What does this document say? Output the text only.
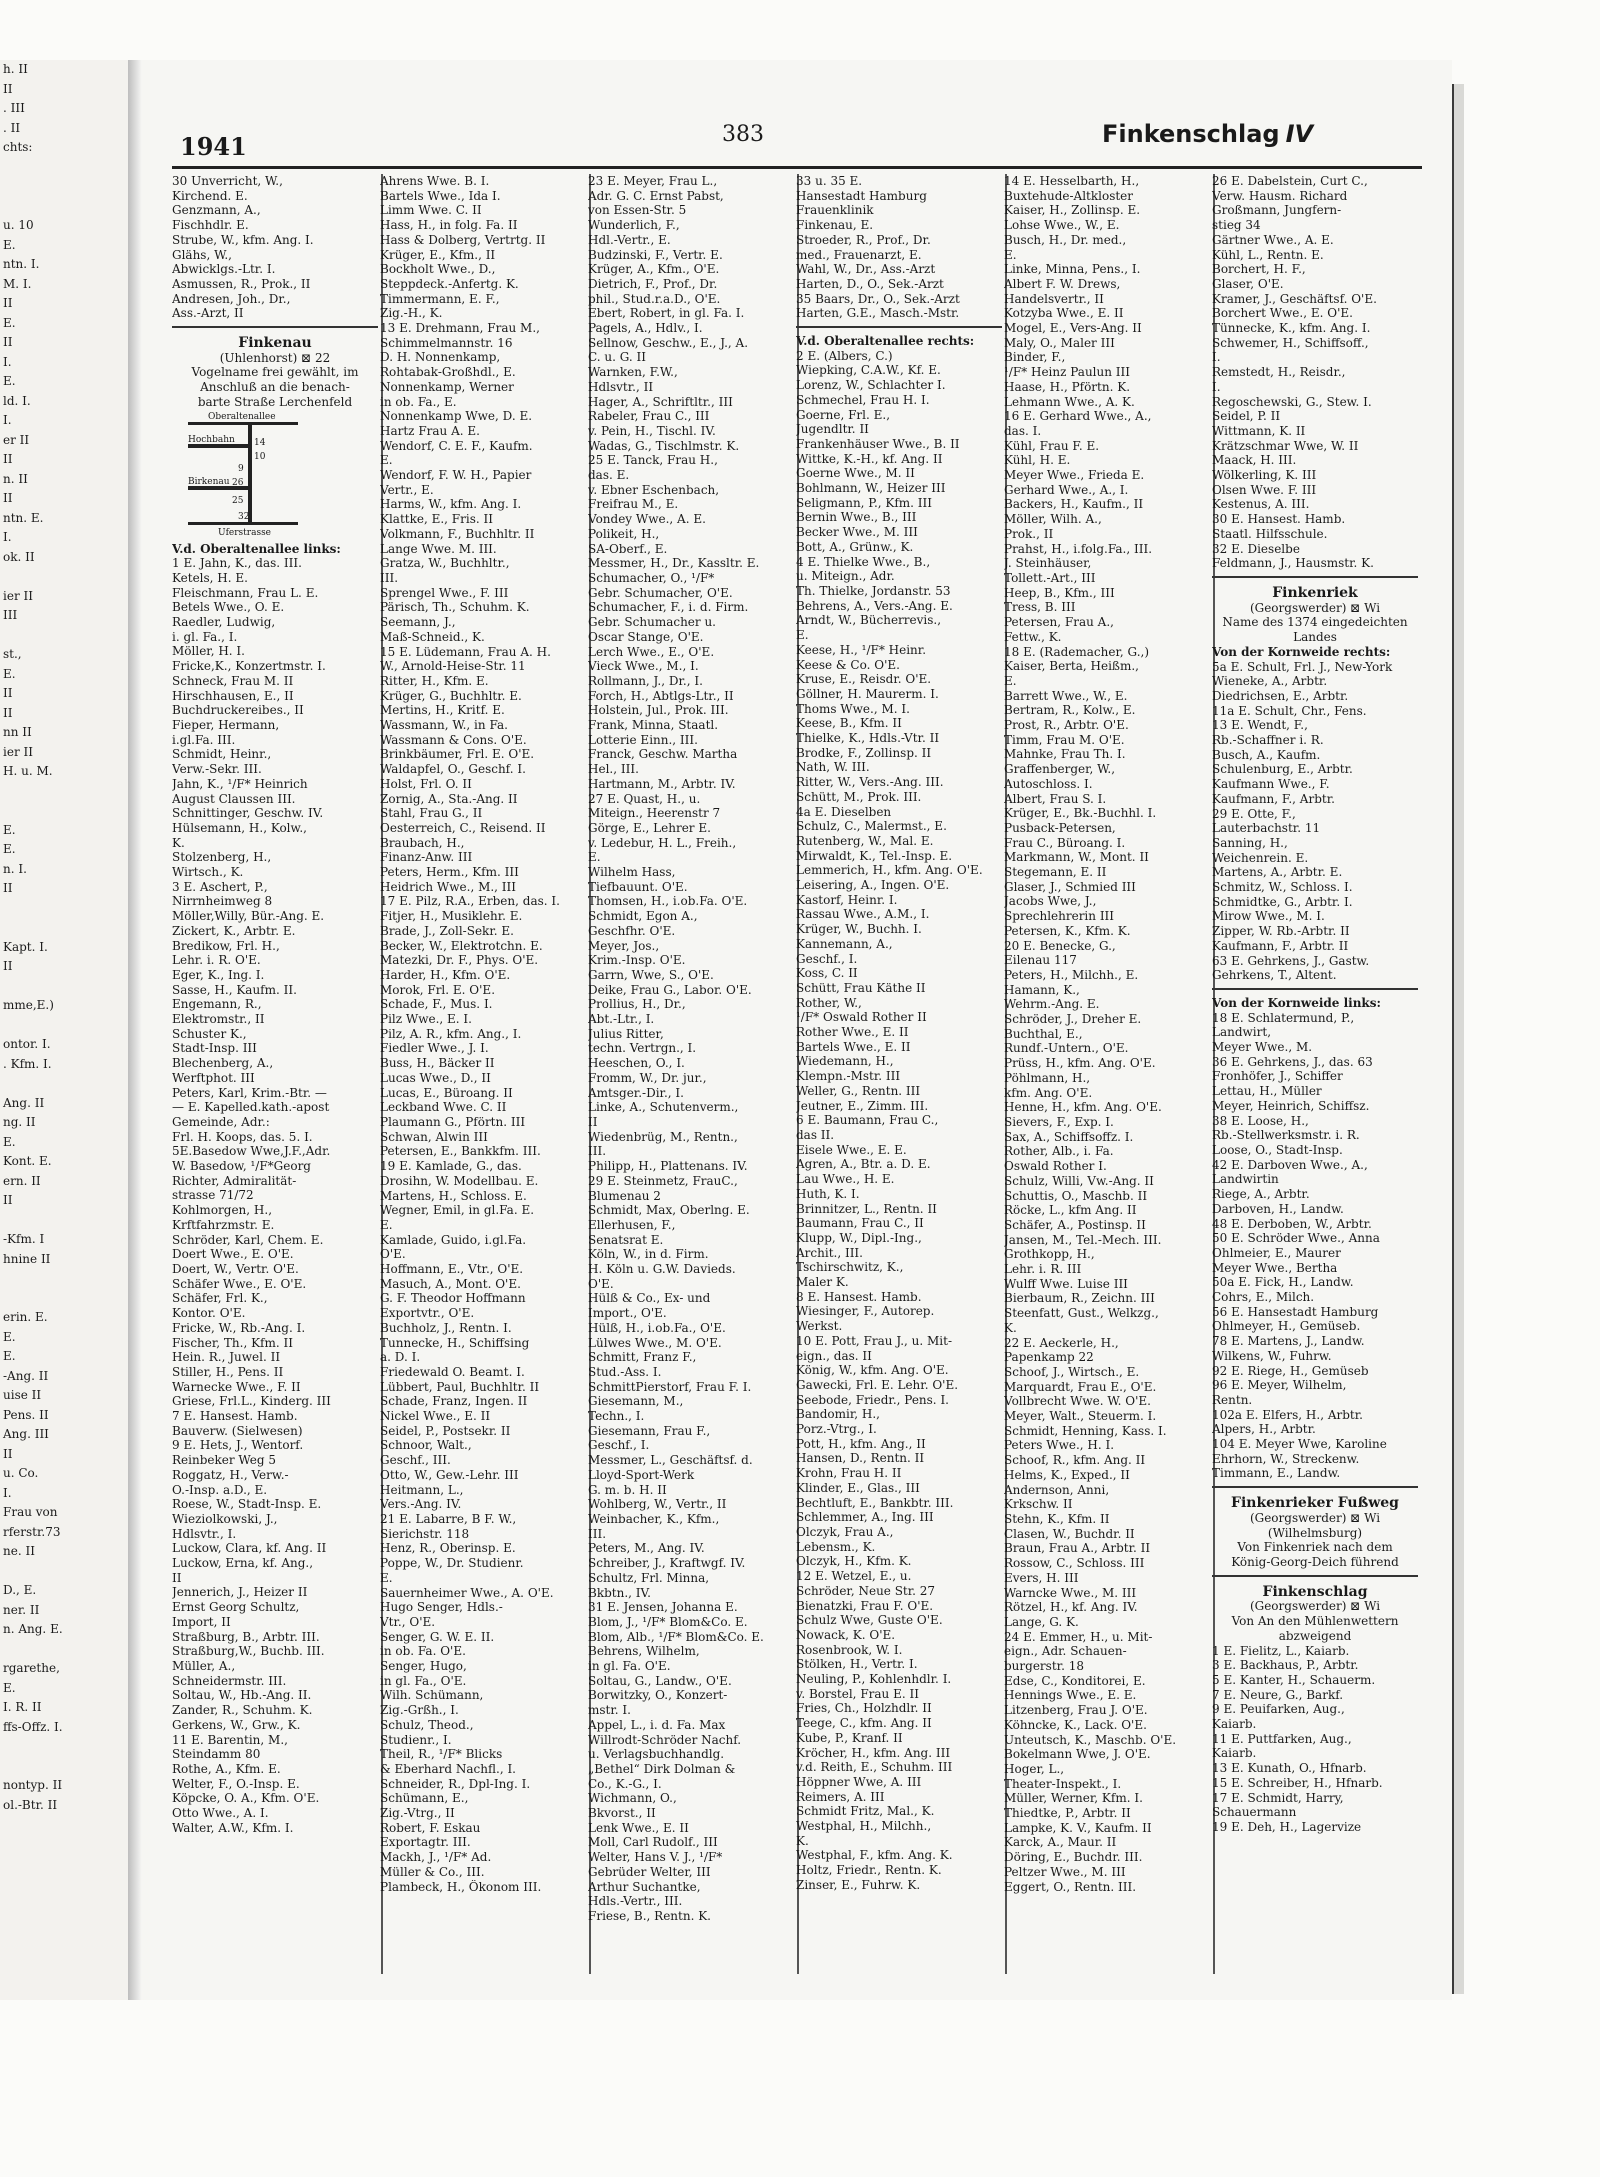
h. II
II
. III
. II
chts:

u. 10
E.
ntn. I.
M. I.
II
E.
II
I.
E.
ld. I.
I.
er II
II
n. II
II
ntn. E.
I.
ok. II

ier II
III

st.,
E.
II
II
nn II
ier II
H. u. M.

E.
E.
n. I.
II

Kapt. I.
II

mme,E.)

ontor. I.
. Kfm. I.

Ang. II
ng. II
E.
Kont. E.
ern. II
II

-Kfm. I
hnine II

erin. E.
E.
E.
-Ang. II
uise II
Pens. II
Ang. III
II
u. Co.
I.
Frau von
rferstr.73
ne. II

D., E.
ner. II
n. Ang. E.

rgarethe,
E.
I. R. II
ffs-Offz. I.

nontyp. II
ol.-Btr. II
1941	383	Finkenschlag IV
30 Unverricht, W.,
Kirchend. E.
Genzmann, A.,
Fischhdlr. E.
Strube, W., kfm. Ang. I.
Glähs, W.,
Abwicklgs.-Ltr. I.
Asmussen, R., Prok., II
Andresen, Joh., Dr.,
Ass.-Arzt, II
Finkenau
(Uhlenhorst) ⊠ 22
Vogelname frei gewählt, im
Anschluß an die benach-
barte Straße Lerchenfeld
Oberaltenallee
Hochbahn
Birkenau
Uferstrasse
14
10
9
26
25
32
V.d. Oberaltenallee links:
1 E. Jahn, K., das. III.
Ketels, H. E.
Fleischmann, Frau L. E.
Betels Wwe., O. E.
Raedler, Ludwig,
i. gl. Fa., I.
Möller, H. I.
Fricke,K., Konzertmstr. I.
Schneck, Frau M. II
Hirschhausen, E., II
Buchdruckereibes., II
Fieper, Hermann,
i.gl.Fa. III.
Schmidt, Heinr.,
Verw.-Sekr. III.
Jahn, K., ¹/F* Heinrich
August Claussen III.
Schnittinger, Geschw. IV.
Hülsemann, H., Kolw.,
K.
Stolzenberg, H.,
Wirtsch., K.
3 E. Aschert, P.,
Nirrnheimweg 8
Möller,Willy, Bür.-Ang. E.
Zickert, K., Arbtr. E.
Bredikow, Frl. H.,
Lehr. i. R. O'E.
Eger, K., Ing. I.
Sasse, H., Kaufm. II.
Engemann, R.,
Elektromstr., II
Schuster K.,
Stadt-Insp. III
Blechenberg, A.,
Werftphot. III
Peters, Karl, Krim.-Btr. —
— E. Kapelled.kath.-apost
Gemeinde, Adr.:
Frl. H. Koops, das. 5. I.
5E.Basedow Wwe,J.F.,Adr.
W. Basedow, ¹/F*Georg
Richter, Admiralität-
strasse 71/72
Kohlmorgen, H.,
Krftfahrzmstr. E.
Schröder, Karl, Chem. E.
Doert Wwe., E. O'E.
Doert, W., Vertr. O'E.
Schäfer Wwe., E. O'E.
Schäfer, Frl. K.,
Kontor. O'E.
Fricke, W., Rb.-Ang. I.
Fischer, Th., Kfm. II
Hein. R., Juwel. II
Stiller, H., Pens. II
Warnecke Wwe., F. II
Griese, Frl.L., Kinderg. III
7 E. Hansest. Hamb.
Bauverw. (Sielwesen)
9 E. Hets, J., Wentorf.
Reinbeker Weg 5
Roggatz, H., Verw.-
O.-Insp. a.D., E.
Roese, W., Stadt-Insp. E.
Wieziolkowski, J.,
Hdlsvtr., I.
Luckow, Clara, kf. Ang. II
Luckow, Erna, kf. Ang.,
II
Jennerich, J., Heizer II
Ernst Georg Schultz,
Import, II
Straßburg, B., Arbtr. III.
Straßburg,W., Buchb. III.
Müller, A.,
Schneidermstr. III.
Soltau, W., Hb.-Ang. II.
Zander, R., Schuhm. K.
Gerkens, W., Grw., K.
11 E. Barentin, M.,
Steindamm 80
Rothe, A., Kfm. E.
Welter, F., O.-Insp. E.
Köpcke, O. A., Kfm. O'E.
Otto Wwe., A. I.
Walter, A.W., Kfm. I.
Ahrens Wwe. B. I.
Bartels Wwe., Ida I.
Limm Wwe. C. II
Hass, H., in folg. Fa. II
Hass & Dolberg, Vertrtg. II
Krüger, E., Kfm., II
Bockholt Wwe., D.,
Steppdeck.-Anfertg. K.
Timmermann, E. F.,
Zig.-H., K.
13 E. Drehmann, Frau M.,
Schimmelmannstr. 16
D. H. Nonnenkamp,
Rohtabak-Großhdl., E.
Nonnenkamp, Werner
in ob. Fa., E.
Nonnenkamp Wwe, D. E.
Hartz Frau A. E.
Wendorf, C. E. F., Kaufm.
E.
Wendorf, F. W. H., Papier
Vertr., E.
Harms, W., kfm. Ang. I.
Klattke, E., Fris. II
Volkmann, F., Buchhltr. II
Lange Wwe. M. III.
Gratza, W., Buchhltr.,
III.
Sprengel Wwe., F. III
Pärisch, Th., Schuhm. K.
Seemann, J.,
Maß-Schneid., K.
15 E. Lüdemann, Frau A. H.
W., Arnold-Heise-Str. 11
Ritter, H., Kfm. E.
Krüger, G., Buchhltr. E.
Mertins, H., Kritf. E.
Wassmann, W., in Fa.
Wassmann & Cons. O'E.
Brinkbäumer, Frl. E. O'E.
Waldapfel, O., Geschf. I.
Holst, Frl. O. II
Zornig, A., Sta.-Ang. II
Stahl, Frau G., II
Oesterreich, C., Reisend. II
Braubach, H.,
Finanz-Anw. III
Peters, Herm., Kfm. III
Heidrich Wwe., M., III
17 E. Pilz, R.A., Erben, das. I.
Fitjer, H., Musiklehr. E.
Brade, J., Zoll-Sekr. E.
Becker, W., Elektrotchn. E.
Matezki, Dr. F., Phys. O'E.
Harder, H., Kfm. O'E.
Morok, Frl. E. O'E.
Schade, F., Mus. I.
Pilz Wwe., E. I.
Pilz, A. R., kfm. Ang., I.
Fiedler Wwe., J. I.
Buss, H., Bäcker II
Lucas Wwe., D., II
Lucas, E., Büroang. II
Leckband Wwe. C. II
Plaumann G., Pförtn. III
Schwan, Alwin III
Petersen, E., Bankkfm. III.
19 E. Kamlade, G., das.
Drosihn, W. Modellbau. E.
Martens, H., Schloss. E.
Wegner, Emil, in gl.Fa. E.
E.
Kamlade, Guido, i.gl.Fa.
O'E.
Hoffmann, E., Vtr., O'E.
Masuch, A., Mont. O'E.
G. F. Theodor Hoffmann
Exportvtr., O'E.
Buchholz, J., Rentn. I.
Tunnecke, H., Schiffsing
a. D. I.
Friedewald O. Beamt. I.
Lübbert, Paul, Buchhltr. II
Schade, Franz, Ingen. II
Nickel Wwe., E. II
Seidel, P., Postsekr. II
Schnoor, Walt.,
Geschf., III.
Otto, W., Gew.-Lehr. III
Heitmann, L.,
Vers.-Ang. IV.
21 E. Labarre, B F. W.,
Sierichstr. 118
Henz, R., Oberinsp. E.
Poppe, W., Dr. Studienr.
E.
Sauernheimer Wwe., A. O'E.
Hugo Senger, Hdls.-
Vtr., O'E.
Senger, G. W. E. II.
in ob. Fa. O'E.
Senger, Hugo,
in gl. Fa., O'E.
Wilh. Schümann,
Zig.-Grßh., I.
Schulz, Theod.,
Studienr., I.
Theil, R., ¹/F* Blicks
& Eberhard Nachfl., I.
Schneider, R., Dpl-Ing. I.
Schümann, E.,
Zig.-Vtrg., II
Robert, F. Eskau
Exportagtr. III.
Mackh, J., ¹/F* Ad.
Müller & Co., III.
Plambeck, H., Ökonom III.
23 E. Meyer, Frau L.,
Adr. G. C. Ernst Pabst,
von Essen-Str. 5
Wunderlich, F.,
Hdl.-Vertr., E.
Budzinski, F., Vertr. E.
Krüger, A., Kfm., O'E.
Dietrich, F., Prof., Dr.
phil., Stud.r.a.D., O'E.
Ebert, Robert, in gl. Fa. I.
Pagels, A., Hdlv., I.
Sellnow, Geschw., E., J., A.
C. u. G. II
Warnken, F.W.,
Hdlsvtr., II
Hager, A., Schriftltr., III
Rabeler, Frau C., III
v. Pein, H., Tischl. IV.
Wadas, G., Tischlmstr. K.
25 E. Tanck, Frau H.,
das. E.
v. Ebner Eschenbach,
Freifrau M., E.
Vondey Wwe., A. E.
Polikeit, H.,
SA-Oberf., E.
Messmer, H., Dr., Kassltr. E.
Schumacher, O., ¹/F*
Gebr. Schumacher, O'E.
Schumacher, F., i. d. Firm.
Gebr. Schumacher u.
Oscar Stange, O'E.
Lerch Wwe., E., O'E.
Vieck Wwe., M., I.
Rollmann, J., Dr., I.
Forch, H., Abtlgs-Ltr., II
Holstein, Jul., Prok. III.
Frank, Minna, Staatl.
Lotterie Einn., III.
Franck, Geschw. Martha
Hel., III.
Hartmann, M., Arbtr. IV.
27 E. Quast, H., u.
Miteign., Heerenstr 7
Görge, E., Lehrer E.
v. Ledebur, H. L., Freih.,
E.
Wilhelm Hass,
Tiefbauunt. O'E.
Thomsen, H., i.ob.Fa. O'E.
Schmidt, Egon A.,
Geschfhr. O'E.
Meyer, Jos.,
Krim.-Insp. O'E.
Garrn, Wwe, S., O'E.
Deike, Frau G., Labor. O'E.
Prollius, H., Dr.,
Abt.-Ltr., I.
Julius Ritter,
techn. Vertrgn., I.
Heeschen, O., I.
Fromm, W., Dr. jur.,
Amtsger.-Dir., I.
Linke, A., Schutenverm.,
II
Wiedenbrüg, M., Rentn.,
III.
Philipp, H., Plattenans. IV.
29 E. Steinmetz, FrauC.,
Blumenau 2
Schmidt, Max, Oberlng. E.
Ellerhusen, F.,
Senatsrat E.
Köln, W., in d. Firm.
H. Köln u. G.W. Davieds.
O'E.
Hülß & Co., Ex- und
Import., O'E.
Hülß, H., i.ob.Fa., O'E.
Lülwes Wwe., M. O'E.
Schmitt, Franz F.,
Stud.-Ass. I.
SchmittPierstorf, Frau F. I.
Giesemann, M.,
Techn., I.
Giesemann, Frau F.,
Geschf., I.
Messmer, L., Geschäftsf. d.
Lloyd-Sport-Werk
G. m. b. H. II
Wohlberg, W., Vertr., II
Weinbacher, K., Kfm.,
III.
Peters, M., Ang. IV.
Schreiber, J., Kraftwgf. IV.
Schultz, Frl. Minna,
Bkbtn., IV.
31 E. Jensen, Johanna E.
Blom, J., ¹/F* Blom&Co. E.
Blom, Alb., ¹/F* Blom&Co. E.
Behrens, Wilhelm,
in gl. Fa. O'E.
Soltau, G., Landw., O'E.
Borwitzky, O., Konzert-
mstr. I.
Appel, L., i. d. Fa. Max
Willrodt-Schröder Nachf.
u. Verlagsbuchhandlg.
„Bethel“ Dirk Dolman &
Co., K.-G., I.
Wichmann, O.,
Bkvorst., II
Lenk Wwe., E. II
Moll, Carl Rudolf., III
Welter, Hans V. J., ¹/F*
Gebrüder Welter, III
Arthur Suchantke,
Hdls.-Vertr., III.
Friese, B., Rentn. K.
33 u. 35 E.
Hansestadt Hamburg
Frauenklinik
Finkenau, E.
Stroeder, R., Prof., Dr.
med., Frauenarzt, E.
Wahl, W., Dr., Ass.-Arzt
Harten, D., O., Sek.-Arzt
35 Baars, Dr., O., Sek.-Arzt
Harten, G.E., Masch.-Mstr.
V.d. Oberaltenallee rechts:
2 E. (Albers, C.)
Wiepking, C.A.W., Kf. E.
Lorenz, W., Schlachter I.
Schmechel, Frau H. I.
Goerne, Frl. E.,
Jugendltr. II
Frankenhäuser Wwe., B. II
Wittke, K.-H., kf. Ang. II
Goerne Wwe., M. II
Bohlmann, W., Heizer III
Seligmann, P., Kfm. III
Bernin Wwe., B., III
Becker Wwe., M. III
Bott, A., Grünw., K.
4 E. Thielke Wwe., B.,
u. Miteign., Adr.
Th. Thielke, Jordanstr. 53
Behrens, A., Vers.-Ang. E.
Arndt, W., Bücherrevis.,
E.
Keese, H., ¹/F* Heinr.
Keese & Co. O'E.
Kruse, E., Reisdr. O'E.
Göllner, H. Maurerm. I.
Thoms Wwe., M. I.
Keese, B., Kfm. II
Thielke, K., Hdls.-Vtr. II
Brodke, F., Zollinsp. II
Nath, W. III.
Ritter, W., Vers.-Ang. III.
Schütt, M., Prok. III.
4a E. Dieselben
Schulz, C., Malermst., E.
Rutenberg, W., Mal. E.
Mirwaldt, K., Tel.-Insp. E.
Lemmerich, H., kfm. Ang. O'E.
Leisering, A., Ingen. O'E.
Kastorf, Heinr. I.
Rassau Wwe., A.M., I.
Krüger, W., Buchh. I.
Kannemann, A.,
Geschf., I.
Koss, C. II
Schütt, Frau Käthe II
Rother, W.,
¹/F* Oswald Rother II
Rother Wwe., E. II
Bartels Wwe., E. II
Wiedemann, H.,
Klempn.-Mstr. III
Weller, G., Rentn. III
Jeutner, E., Zimm. III.
6 E. Baumann, Frau C.,
das II.
Eisele Wwe., E. E.
Agren, A., Btr. a. D. E.
Lau Wwe., H. E.
Huth, K. I.
Brinnitzer, L., Rentn. II
Baumann, Frau C., II
Klupp, W., Dipl.-Ing.,
Archit., III.
Tschirschwitz, K.,
Maler K.
8 E. Hansest. Hamb.
Wiesinger, F., Autorep.
Werkst.
10 E. Pott, Frau J., u. Mit-
eign., das. II
König, W., kfm. Ang. O'E.
Gawecki, Frl. E. Lehr. O'E.
Seebode, Friedr., Pens. I.
Bandomir, H.,
Porz.-Vtrg., I.
Pott, H., kfm. Ang., II
Hansen, D., Rentn. II
Krohn, Frau H. II
Klinder, E., Glas., III
Bechtluft, E., Bankbtr. III.
Schlemmer, A., Ing. III
Olczyk, Frau A.,
Lebensm., K.
Olczyk, H., Kfm. K.
12 E. Wetzel, E., u.
Schröder, Neue Str. 27
Bienatzki, Frau F. O'E.
Schulz Wwe, Guste O'E.
Nowack, K. O'E.
Rosenbrook, W. I.
Stölken, H., Vertr. I.
Neuling, P., Kohlenhdlr. I.
v. Borstel, Frau E. II
Fries, Ch., Holzhdlr. II
Teege, C., kfm. Ang. II
Kube, P., Kranf. II
Kröcher, H., kfm. Ang. III
v.d. Reith, E., Schuhm. III
Höppner Wwe, A. III
Reimers, A. III
Schmidt Fritz, Mal., K.
Westphal, H., Milchh.,
K.
Westphal, F., kfm. Ang. K.
Holtz, Friedr., Rentn. K.
Zinser, E., Fuhrw. K.
14 E. Hesselbarth, H.,
Buxtehude-Altkloster
Kaiser, H., Zollinsp. E.
Lohse Wwe., W., E.
Busch, H., Dr. med.,
E.
Linke, Minna, Pens., I.
Albert F. W. Drews,
Handelsvertr., II
Kotzyba Wwe., E. II
Mogel, E., Vers-Ang. II
Maly, O., Maler III
Binder, F.,
¹/F* Heinz Paulun III
Haase, H., Pförtn. K.
Lehmann Wwe., A. K.
16 E. Gerhard Wwe., A.,
das. I.
Kühl, Frau F. E.
Kühl, H. E.
Meyer Wwe., Frieda E.
Gerhard Wwe., A., I.
Backers, H., Kaufm., II
Möller, Wilh. A.,
Prok., II
Prahst, H., i.folg.Fa., III.
J. Steinhäuser,
Tollett.-Art., III
Heep, B., Kfm., III
Tress, B. III
Petersen, Frau A.,
Fettw., K.
18 E. (Rademacher, G.,)
Kaiser, Berta, Heißm.,
E.
Barrett Wwe., W., E.
Bertram, R., Kolw., E.
Prost, R., Arbtr. O'E.
Timm, Frau M. O'E.
Mahnke, Frau Th. I.
Graffenberger, W.,
Autoschloss. I.
Albert, Frau S. I.
Krüger, E., Bk.-Buchhl. I.
Pusback-Petersen,
Frau C., Büroang. I.
Markmann, W., Mont. II
Stegemann, E. II
Glaser, J., Schmied III
Jacobs Wwe, J.,
Sprechlehrerin III
Petersen, K., Kfm. K.
20 E. Benecke, G.,
Eilenau 117
Peters, H., Milchh., E.
Hamann, K.,
Wehrm.-Ang. E.
Schröder, J., Dreher E.
Buchthal, E.,
Rundf.-Untern., O'E.
Prüss, H., kfm. Ang. O'E.
Pöhlmann, H.,
kfm. Ang. O'E.
Henne, H., kfm. Ang. O'E.
Sievers, F., Exp. I.
Sax, A., Schiffsoffz. I.
Rother, Alb., i. Fa.
Oswald Rother I.
Schulz, Willi, Vw.-Ang. II
Schuttis, O., Maschb. II
Röcke, L., kfm Ang. II
Schäfer, A., Postinsp. II
Jansen, M., Tel.-Mech. III.
Grothkopp, H.,
Lehr. i. R. III
Wulff Wwe. Luise III
Bierbaum, R., Zeichn. III
Steenfatt, Gust., Welkzg.,
K.
22 E. Aeckerle, H.,
Papenkamp 22
Schoof, J., Wirtsch., E.
Marquardt, Frau E., O'E.
Vollbrecht Wwe. W. O'E.
Meyer, Walt., Steuerm. I.
Schmidt, Henning, Kass. I.
Peters Wwe., H. I.
Schoof, R., kfm. Ang. II
Helms, K., Exped., II
Andernson, Anni,
Krkschw. II
Stehn, K., Kfm. II
Clasen, W., Buchdr. II
Braun, Frau A., Arbtr. II
Rossow, C., Schloss. III
Evers, H. III
Warncke Wwe., M. III
Rötzel, H., kf. Ang. IV.
Lange, G. K.
24 E. Emmer, H., u. Mit-
eign., Adr. Schauen-
burgerstr. 18
Edse, C., Konditorei, E.
Hennings Wwe., E. E.
Litzenberg, Frau J. O'E.
Köhncke, K., Lack. O'E.
Unteutsch, K., Maschb. O'E.
Bokelmann Wwe, J. O'E.
Hoger, L.,
Theater-Inspekt., I.
Müller, Werner, Kfm. I.
Thiedtke, P., Arbtr. II
Lampke, K. V., Kaufm. II
Karck, A., Maur. II
Döring, E., Buchdr. III.
Peltzer Wwe., M. III
Eggert, O., Rentn. III.
26 E. Dabelstein, Curt C.,
Verw. Hausm. Richard
Großmann, Jungfern-
stieg 34
Gärtner Wwe., A. E.
Kühl, L., Rentn. E.
Borchert, H. F.,
Glaser, O'E.
Kramer, J., Geschäftsf. O'E.
Borchert Wwe., E. O'E.
Tünnecke, K., kfm. Ang. I.
Schwemer, H., Schiffsoff.,
I.
Remstedt, H., Reisdr.,
I.
Regoschewski, G., Stew. I.
Seidel, P. II
Wittmann, K. II
Krätzschmar Wwe, W. II
Maack, H. III.
Wölkerling, K. III
Olsen Wwe. F. III
Kestenus, A. III.
30 E. Hansest. Hamb.
Staatl. Hilfsschule.
32 E. Dieselbe
Feldmann, J., Hausmstr. K.
Finkenriek
(Georgswerder) ⊠ Wi
Name des 1374 eingedeichten
Landes
Von der Kornweide rechts:
5a E. Schult, Frl. J., New-York
Wieneke, A., Arbtr.
Diedrichsen, E., Arbtr.
11a E. Schult, Chr., Fens.
13 E. Wendt, F.,
Rb.-Schaffner i. R.
Busch, A., Kaufm.
Schulenburg, E., Arbtr.
Kaufmann Wwe., F.
Kaufmann, F., Arbtr.
29 E. Otte, F.,
Lauterbachstr. 11
Sanning, H.,
Weichenrein. E.
Martens, A., Arbtr. E.
Schmitz, W., Schloss. I.
Schmidtke, G., Arbtr. I.
Mirow Wwe., M. I.
Zipper, W. Rb.-Arbtr. II
Kaufmann, F., Arbtr. II
63 E. Gehrkens, J., Gastw.
Gehrkens, T., Altent.
Von der Kornweide links:
18 E. Schlatermund, P.,
Landwirt,
Meyer Wwe., M.
36 E. Gehrkens, J., das. 63
Fronhöfer, J., Schiffer
Lettau, H., Müller
Meyer, Heinrich, Schiffsz.
38 E. Loose, H.,
Rb.-Stellwerksmstr. i. R.
Loose, O., Stadt-Insp.
42 E. Darboven Wwe., A.,
Landwirtin
Riege, A., Arbtr.
Darboven, H., Landw.
48 E. Derboben, W., Arbtr.
50 E. Schröder Wwe., Anna
Ohlmeier, E., Maurer
Meyer Wwe., Bertha
50a E. Fick, H., Landw.
Cohrs, E., Milch.
56 E. Hansestadt Hamburg
Ohlmeyer, H., Gemüseb.
78 E. Martens, J., Landw.
Wilkens, W., Fuhrw.
92 E. Riege, H., Gemüseb
96 E. Meyer, Wilhelm,
Rentn.
102a E. Elfers, H., Arbtr.
Alpers, H., Arbtr.
104 E. Meyer Wwe, Karoline
Ehrhorn, W., Streckenw.
Timmann, E., Landw.
Finkenrieker Fußweg
(Georgswerder) ⊠ Wi
(Wilhelmsburg)
Von Finkenriek nach dem
König-Georg-Deich führend
Finkenschlag
(Georgswerder) ⊠ Wi
Von An den Mühlenwettern
abzweigend
1 E. Fielitz, L., Kaiarb.
3 E. Backhaus, P., Arbtr.
5 E. Kanter, H., Schauerm.
7 E. Neure, G., Barkf.
9 E. Peuifarken, Aug.,
Kaiarb.
11 E. Puttfarken, Aug.,
Kaiarb.
13 E. Kunath, O., Hfnarb.
15 E. Schreiber, H., Hfnarb.
17 E. Schmidt, Harry,
Schauermann
19 E. Deh, H., Lagervize
